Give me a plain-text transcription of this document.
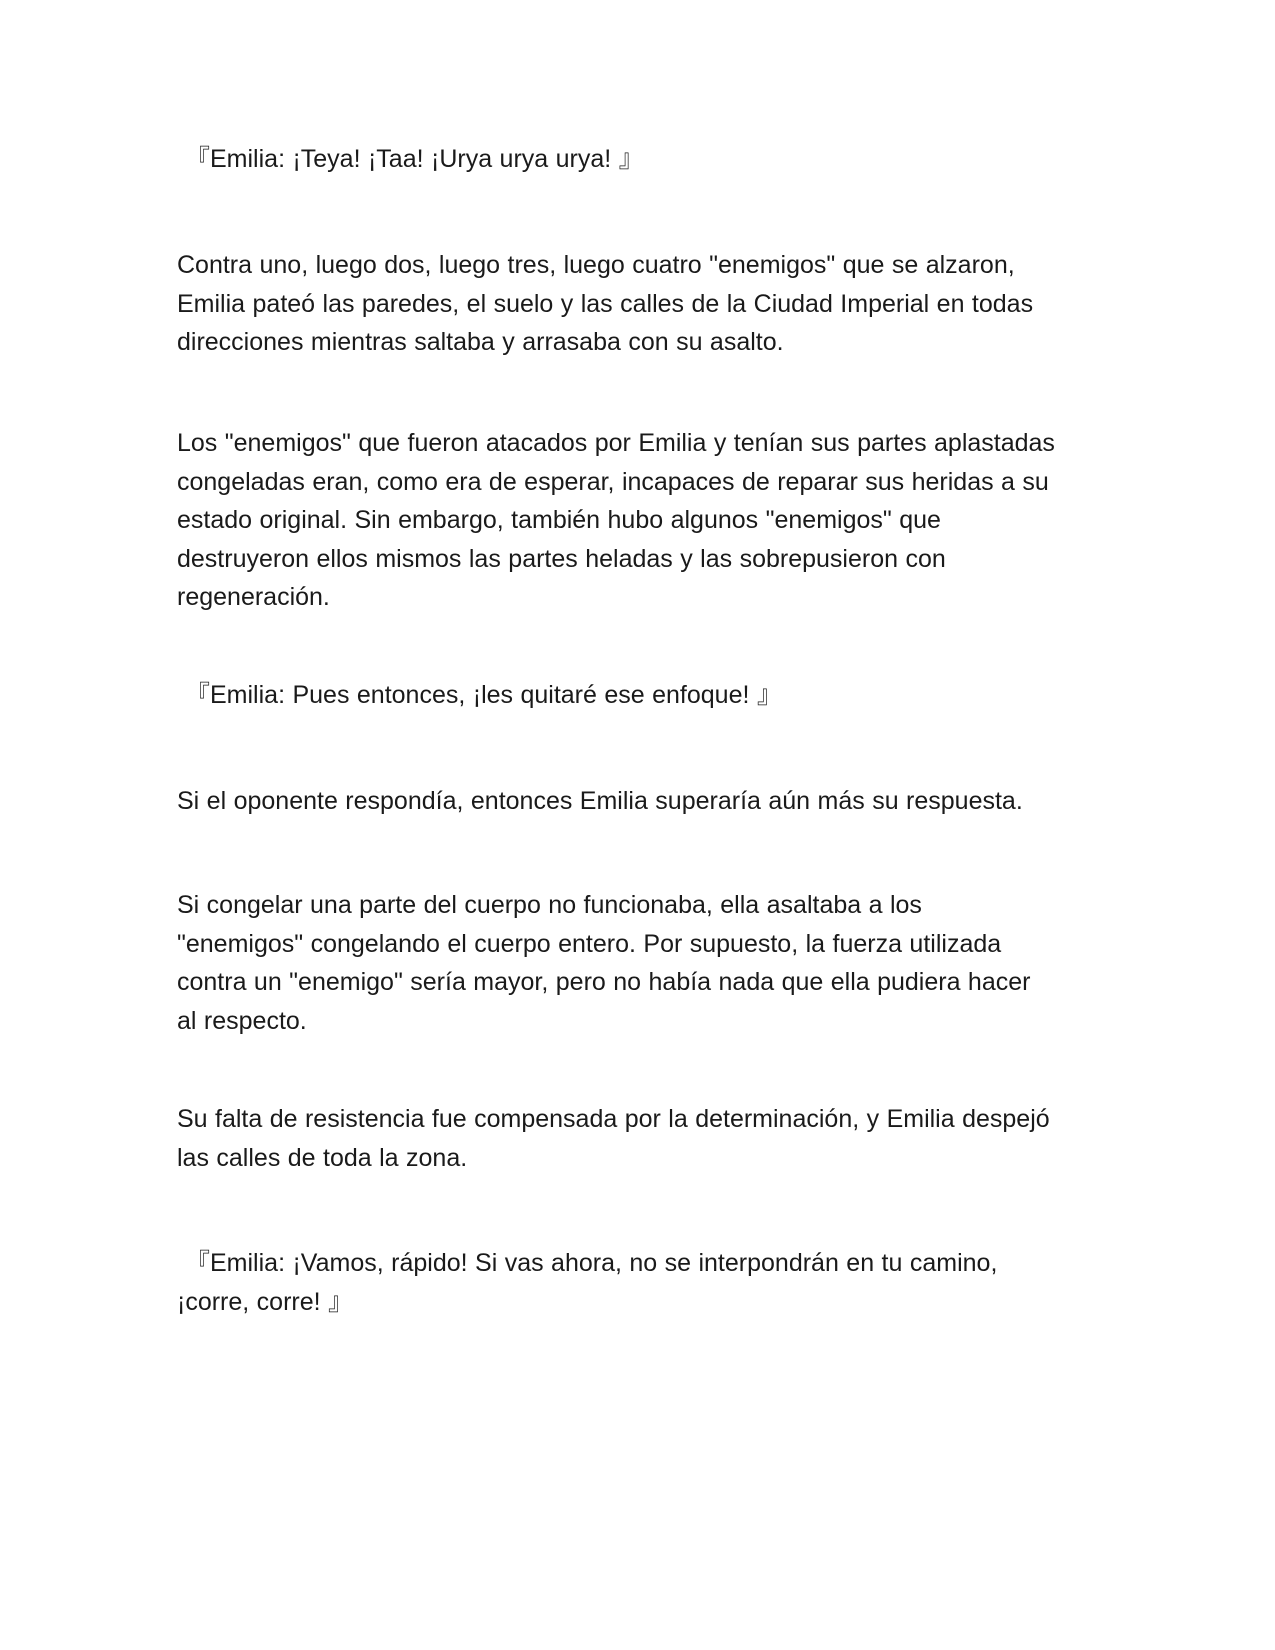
『Emilia: ¡Teya! ¡Taa! ¡Urya urya urya! 』

Contra uno, luego dos, luego tres, luego cuatro "enemigos" que se alzaron,
Emilia pateó las paredes, el suelo y las calles de la Ciudad Imperial en todas
direcciones mientras saltaba y arrasaba con su asalto.

Los "enemigos" que fueron atacados por Emilia y tenían sus partes aplastadas
congeladas eran, como era de esperar, incapaces de reparar sus heridas a su
estado original. Sin embargo, también hubo algunos "enemigos" que
destruyeron ellos mismos las partes heladas y las sobrepusieron con
regeneración.

『Emilia: Pues entonces, ¡les quitaré ese enfoque! 』

Si el oponente respondía, entonces Emilia superaría aún más su respuesta.

Si congelar una parte del cuerpo no funcionaba, ella asaltaba a los
"enemigos" congelando el cuerpo entero. Por supuesto, la fuerza utilizada
contra un "enemigo" sería mayor, pero no había nada que ella pudiera hacer
al respecto.

Su falta de resistencia fue compensada por la determinación, y Emilia despejó
las calles de toda la zona.

『Emilia: ¡Vamos, rápido! Si vas ahora, no se interpondrán en tu camino,
¡corre, corre! 』
